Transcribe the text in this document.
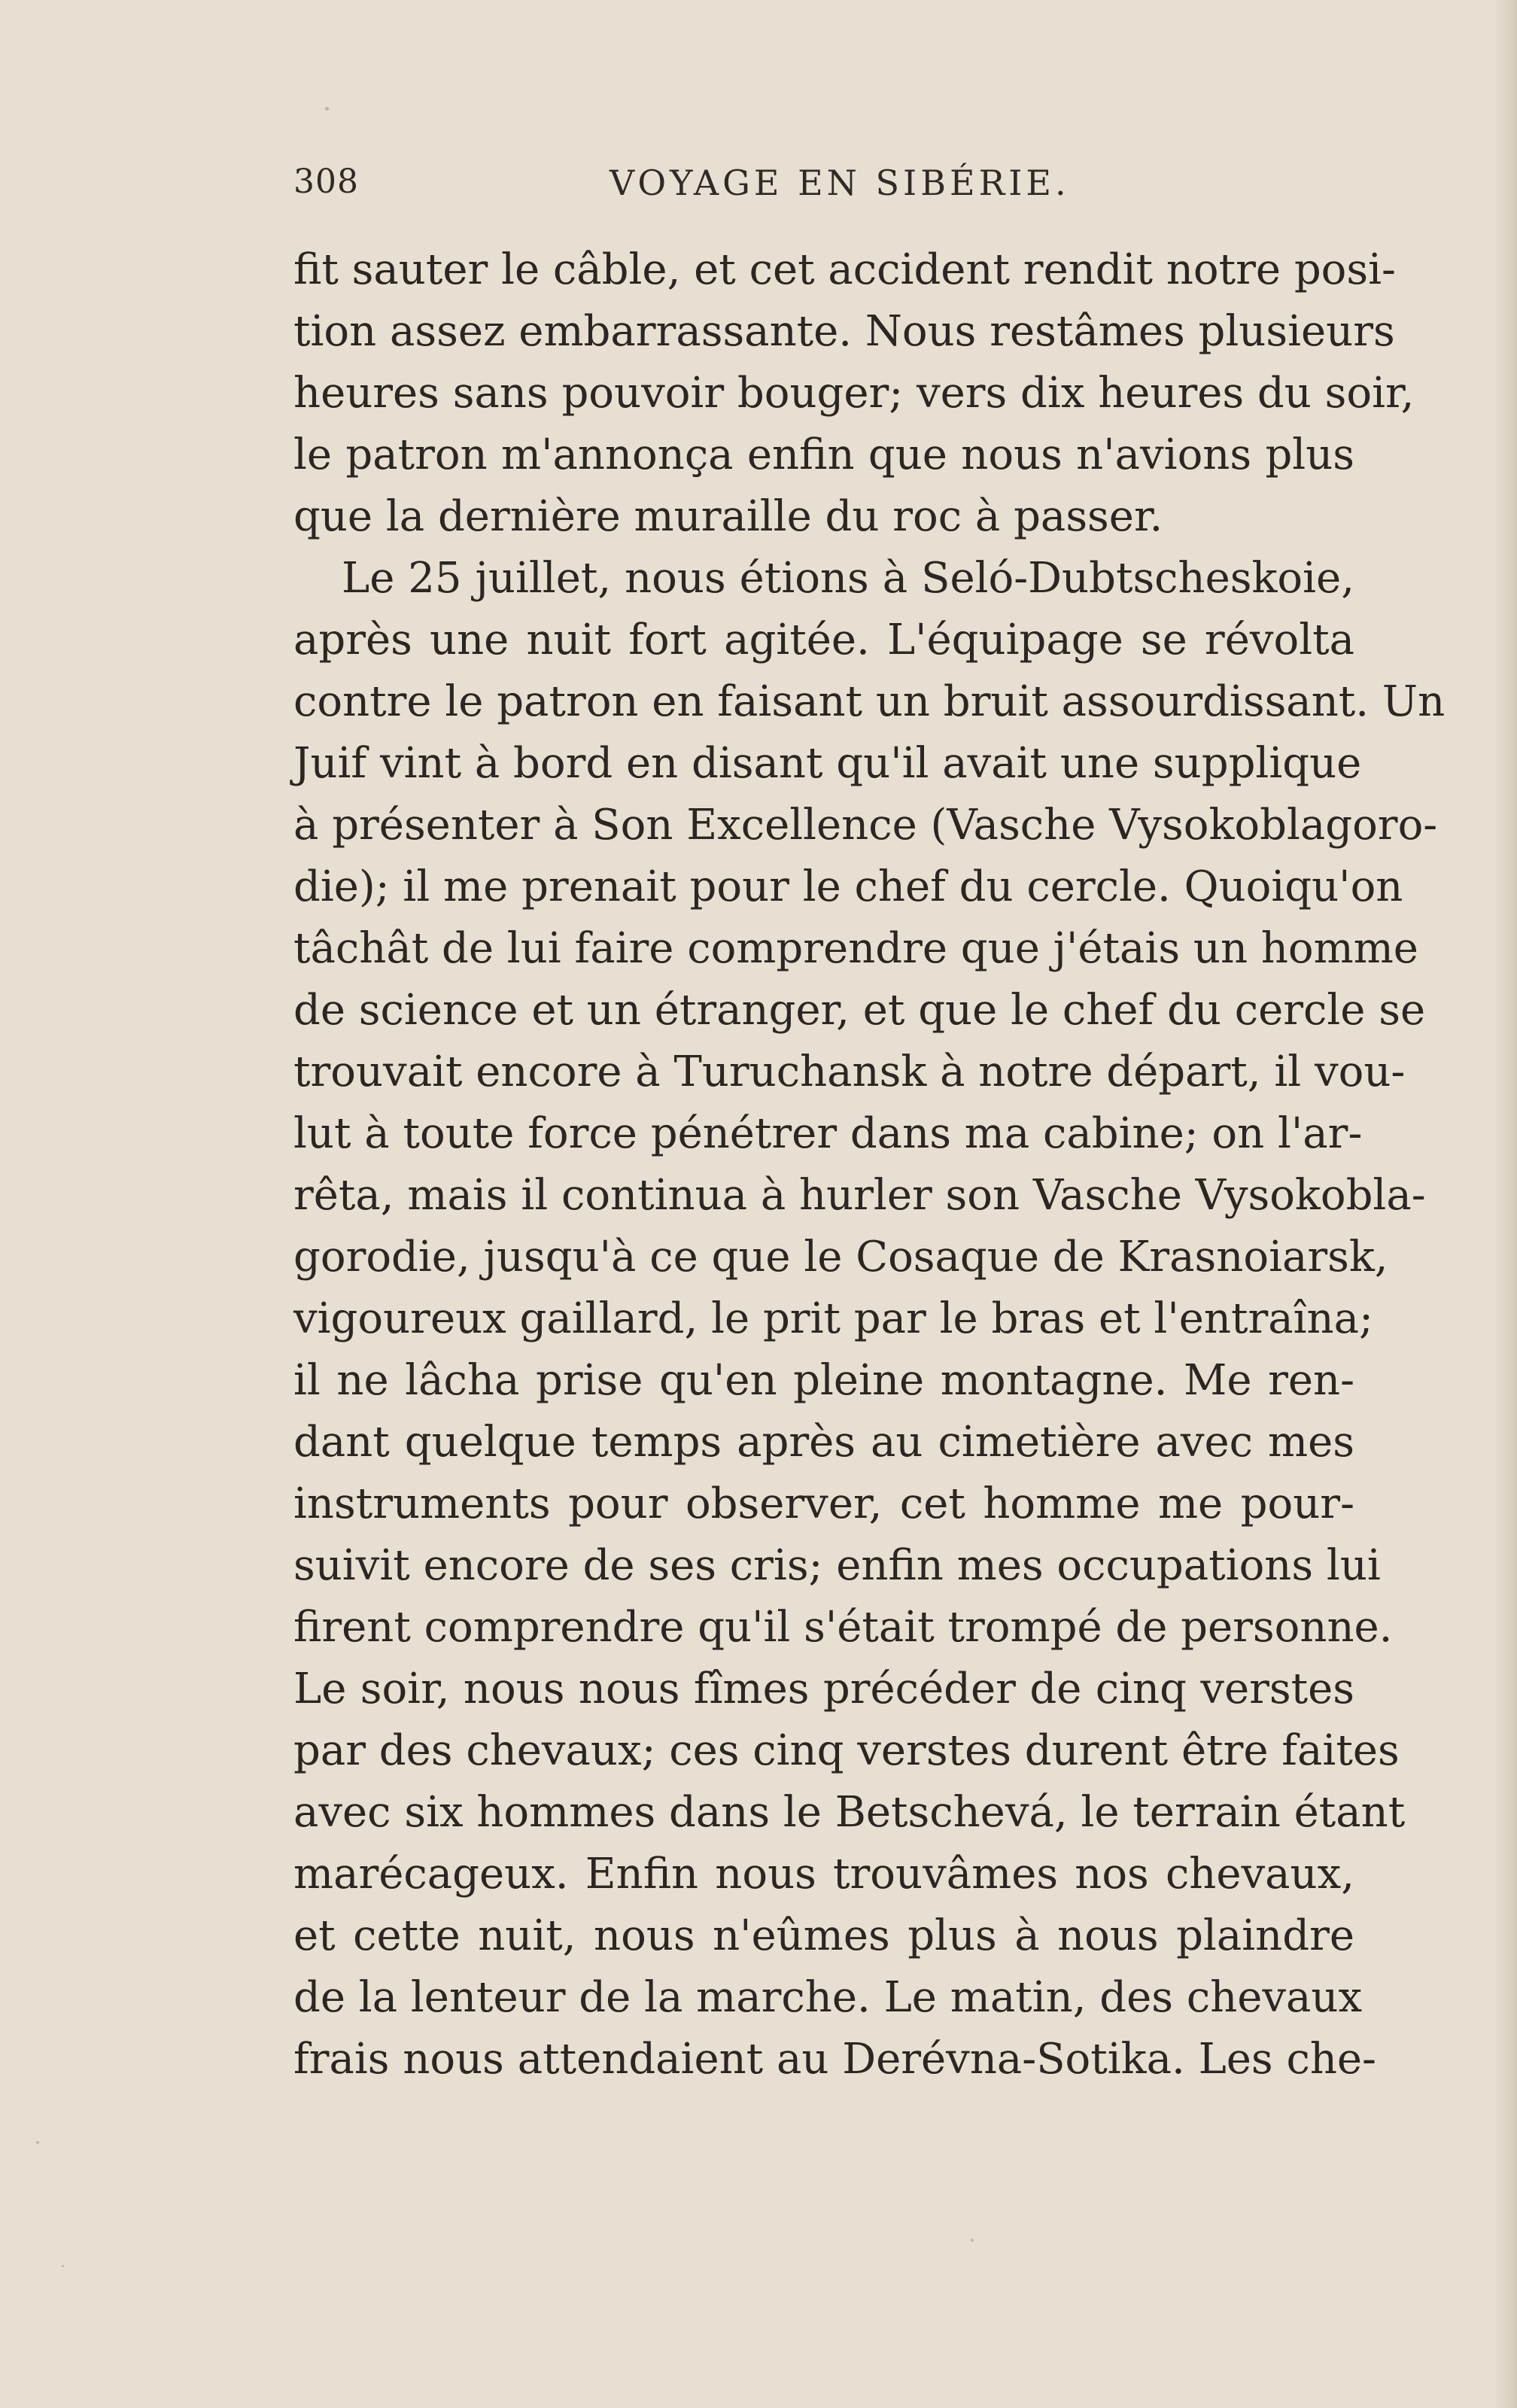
308	VOYAGE EN SIBÉRIE.
fit sauter le câble, et cet accident rendit notre posi-
tion assez embarrassante. Nous restâmes plusieurs
heures sans pouvoir bouger; vers dix heures du soir,
le patron m'annonça enfin que nous n'avions plus
que la dernière muraille du roc à passer.
Le 25 juillet, nous étions à Seló-Dubtscheskoie,
après une nuit fort agitée. L'équipage se révolta
contre le patron en faisant un bruit assourdissant. Un
Juif vint à bord en disant qu'il avait une supplique
à présenter à Son Excellence (Vasche Vysokoblagoro-
die); il me prenait pour le chef du cercle. Quoiqu'on
tâchât de lui faire comprendre que j'étais un homme
de science et un étranger, et que le chef du cercle se
trouvait encore à Turuchansk à notre départ, il vou-
lut à toute force pénétrer dans ma cabine; on l'ar-
rêta, mais il continua à hurler son Vasche Vysokobla-
gorodie, jusqu'à ce que le Cosaque de Krasnoiarsk,
vigoureux gaillard, le prit par le bras et l'entraîna;
il ne lâcha prise qu'en pleine montagne. Me ren-
dant quelque temps après au cimetière avec mes
instruments pour observer, cet homme me pour-
suivit encore de ses cris; enfin mes occupations lui
firent comprendre qu'il s'était trompé de personne.
Le soir, nous nous fîmes précéder de cinq verstes
par des chevaux; ces cinq verstes durent être faites
avec six hommes dans le Betschevá, le terrain étant
marécageux. Enfin nous trouvâmes nos chevaux,
et cette nuit, nous n'eûmes plus à nous plaindre
de la lenteur de la marche. Le matin, des chevaux
frais nous attendaient au Derévna-Sotika. Les che-
